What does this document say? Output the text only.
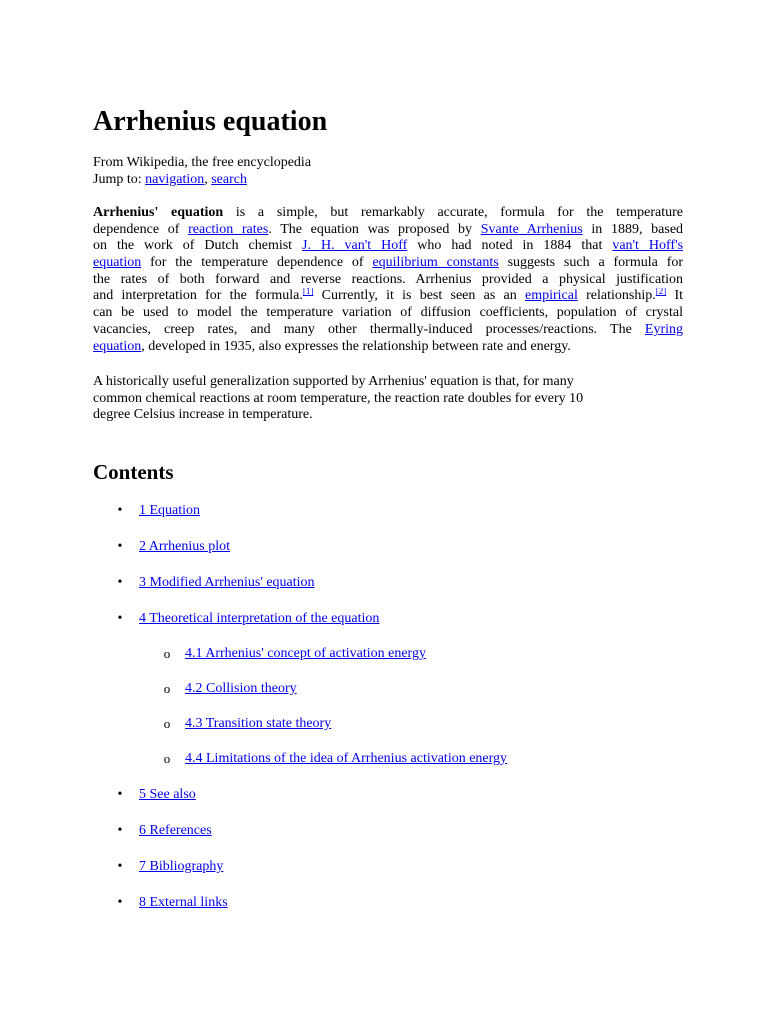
Arrhenius equation
From Wikipedia, the free encyclopedia
Jump to: navigation, search
Arrhenius' equation is a simple, but remarkably accurate, formula for the temperature
dependence of reaction rates. The equation was proposed by Svante Arrhenius in 1889, based
on the work of Dutch chemist J. H. van't Hoff who had noted in 1884 that van't Hoff's
equation for the temperature dependence of equilibrium constants suggests such a formula for
the rates of both forward and reverse reactions. Arrhenius provided a physical justification
and interpretation for the formula.[1] Currently, it is best seen as an empirical relationship.[2] It
can be used to model the temperature variation of diffusion coefficients, population of crystal
vacancies, creep rates, and many other thermally-induced processes/reactions. The Eyring
equation, developed in 1935, also expresses the relationship between rate and energy.
A historically useful generalization supported by Arrhenius' equation is that, for many
common chemical reactions at room temperature, the reaction rate doubles for every 10
degree Celsius increase in temperature.
Contents
• 1 Equation
• 2 Arrhenius plot
• 3 Modified Arrhenius' equation
• 4 Theoretical interpretation of the equation
o 4.1 Arrhenius' concept of activation energy
o 4.2 Collision theory
o 4.3 Transition state theory
o 4.4 Limitations of the idea of Arrhenius activation energy
• 5 See also
• 6 References
• 7 Bibliography
• 8 External links
